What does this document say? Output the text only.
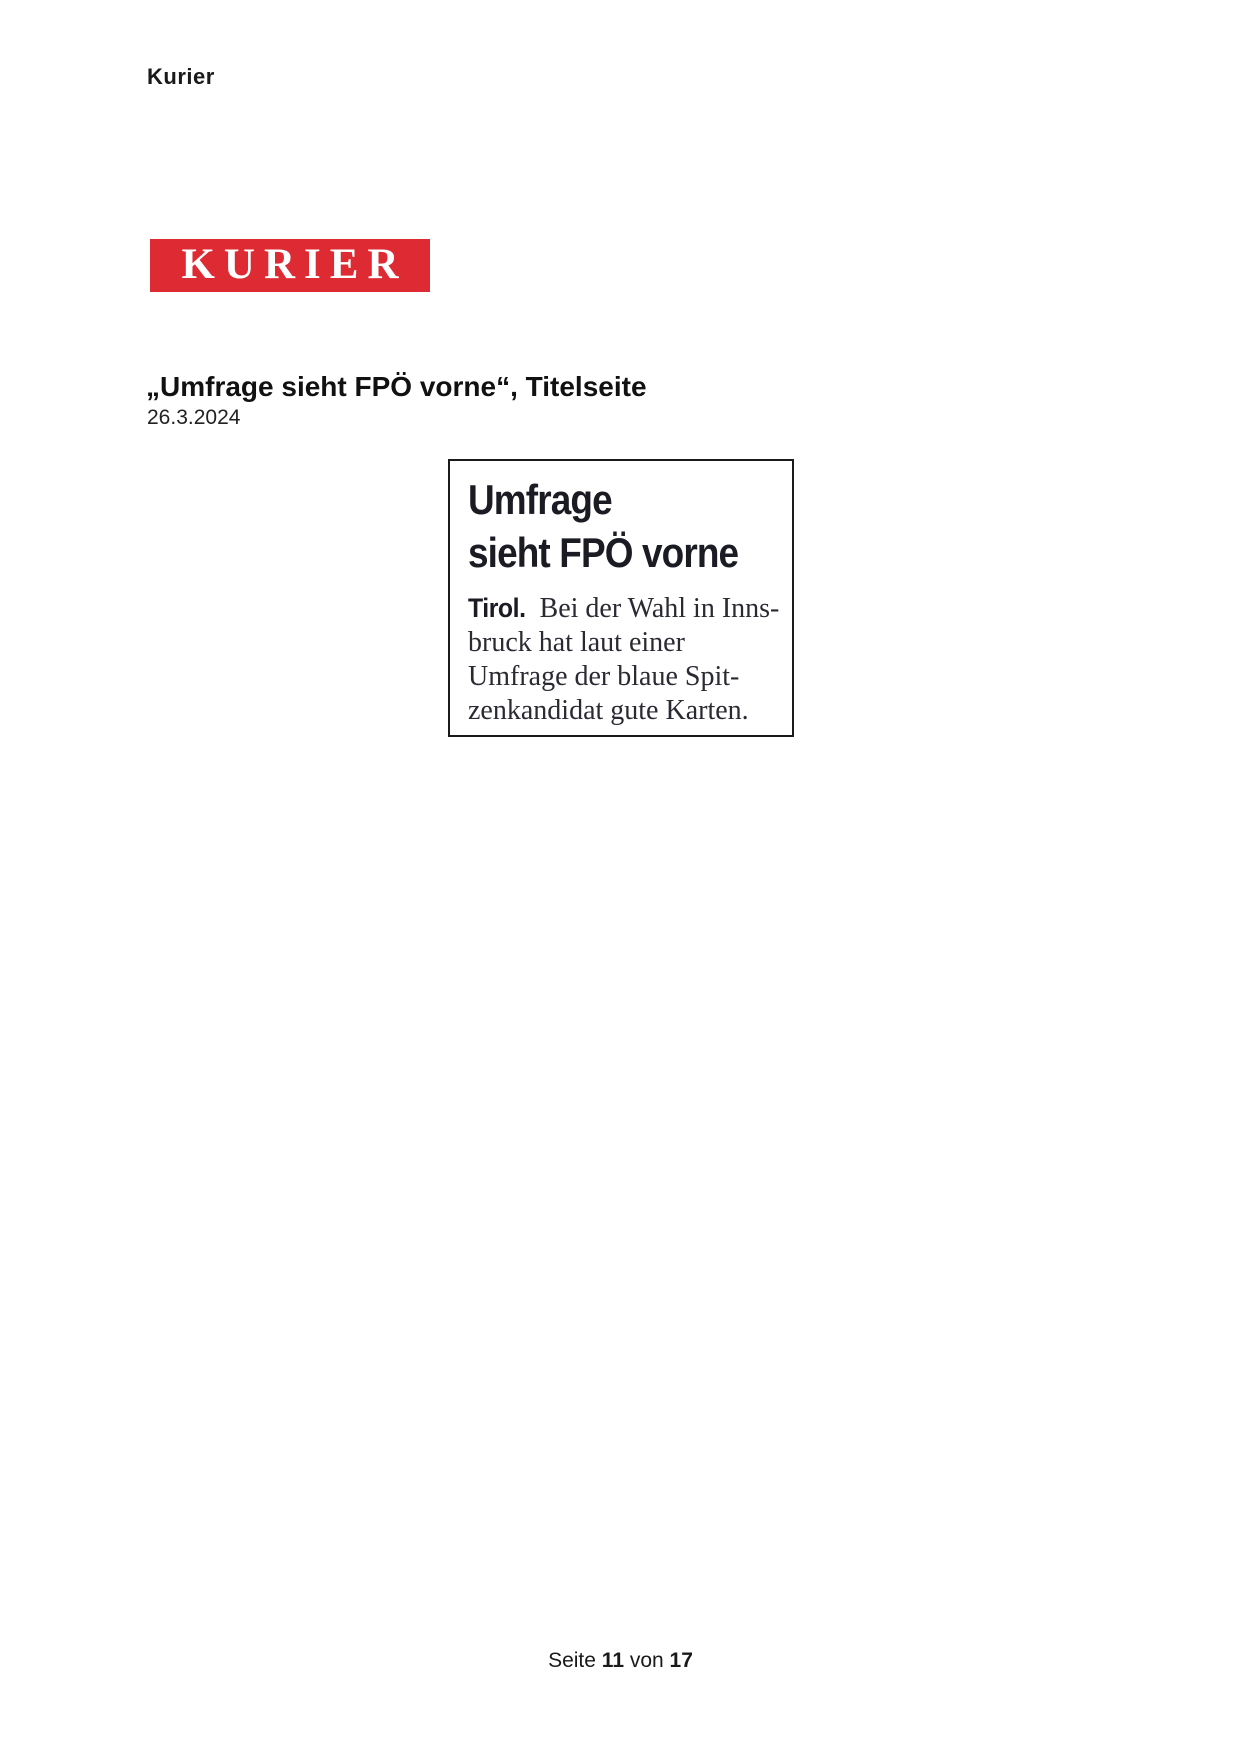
Kurier
KURIER
„Umfrage sieht FPÖ vorne“, Titelseite
26.3.2024
Umfrage
sieht FPÖ vorne
Tirol. Bei der Wahl in Inns-
bruck hat laut einer
Umfrage der blaue Spit-
zenkandidat gute Karten.
Seite 11 von 17
